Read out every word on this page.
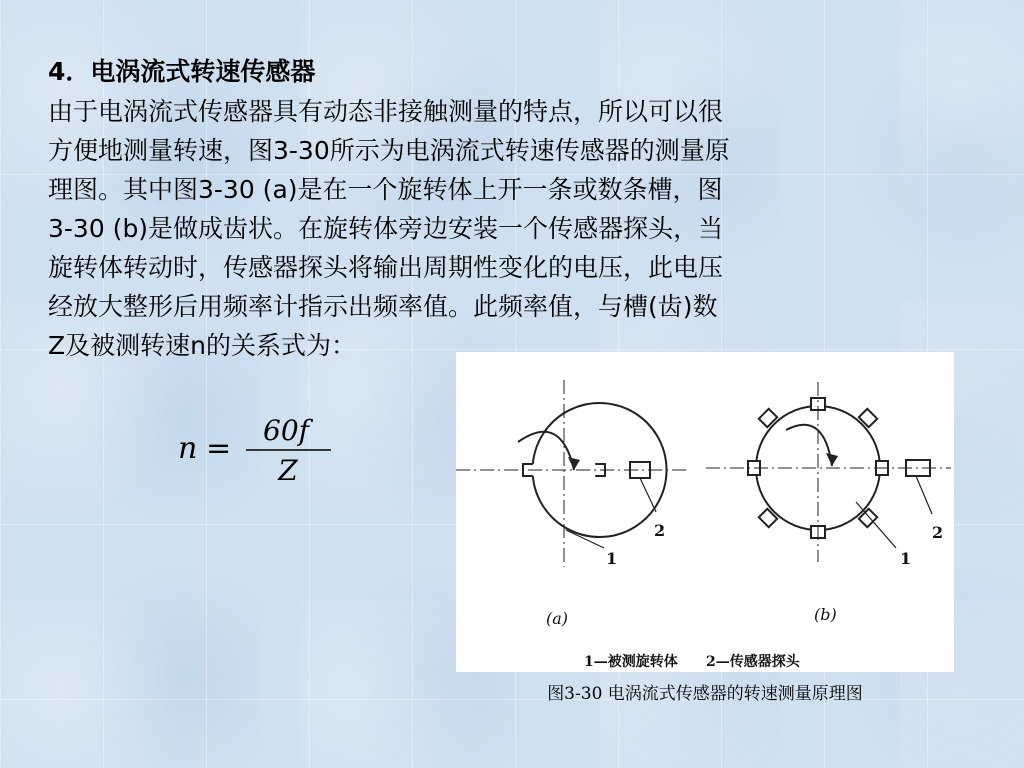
4．电涡流式转速传感器
由于电涡流式传感器具有动态非接触测量的特点，所以可以很
方便地测量转速，图3-30所示为电涡流式转速传感器的测量原
理图。其中图3-30 (a)是在一个旋转体上开一条或数条槽，图
3-30 (b)是做成齿状。在旋转体旁边安装一个传感器探头，当
旋转体转动时，传感器探头将输出周期性变化的电压，此电压
经放大整形后用频率计指示出频率值。此频率值，与槽(齿)数
Z及被测转速n的关系式为：
n =
60f
Z
1
2
1
2
(a)	(b)
1—被测旋转体 2—传感器探头
图3-30 电涡流式传感器的转速测量原理图
